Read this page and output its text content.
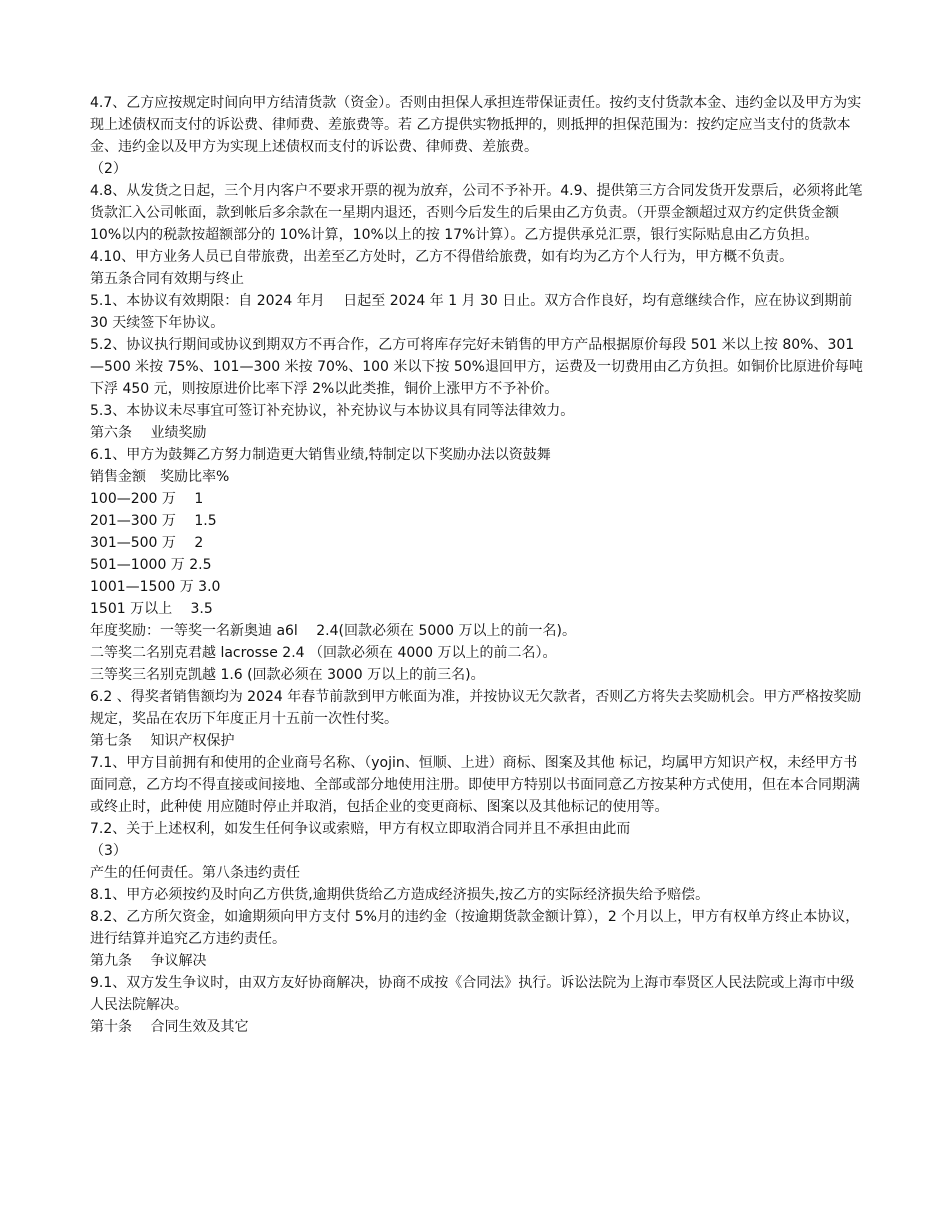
4.7、乙方应按规定时间向甲方结清货款（资金）。否则由担保人承担连带保证责任。按约支付货款本金、违约金以及甲方为实现上述债权而支付的诉讼费、律师费、差旅费等。若 乙方提供实物抵押的，则抵押的担保范围为：按约定应当支付的货款本金、违约金以及甲方为实现上述债权而支付的诉讼费、律师费、差旅费。

（2）

4.8、从发货之日起，三个月内客户不要求开票的视为放弃，公司不予补开。4.9、提供第三方合同发货开发票后，必须将此笔货款汇入公司帐面，款到帐后多余款在一星期内退还，否则今后发生的后果由乙方负责。（开票金额超过双方约定供货金额 10%以内的税款按超额部分的 10%计算，10%以上的按 17%计算）。乙方提供承兑汇票，银行实际贴息由乙方负担。

4.10、甲方业务人员已自带旅费，出差至乙方处时，乙方不得借给旅费，如有均为乙方个人行为，甲方概不负责。

第五条合同有效期与终止

5.1、本协议有效期限：自 2024 年月　 日起至 2024 年 1 月 30 日止。双方合作良好，均有意继续合作，应在协议到期前 30 天续签下年协议。

5.2、协议执行期间或协议到期双方不再合作，乙方可将库存完好未销售的甲方产品根据原价每段 501 米以上按 80%、301—500 米按 75%、101—300 米按 70%、100 米以下按 50%退回甲方，运费及一切费用由乙方负担。如铜价比原进价每吨下浮 450 元，则按原进价比率下浮 2%以此类推，铜价上涨甲方不予补价。

5.3、本协议未尽事宜可签订补充协议，补充协议与本协议具有同等法律效力。

第六条　 业绩奖励

6.1、甲方为鼓舞乙方努力制造更大销售业绩,特制定以下奖励办法以资鼓舞

销售金额　奖励比率%

100—200 万　 1

201—300 万　 1.5

301—500 万　 2

501—1000 万 2.5

1001—1500 万 3.0

1501 万以上　 3.5

年度奖励：一等奖一名新奥迪 a6l　 2.4(回款必须在 5000 万以上的前一名)。

二等奖二名别克君越 lacrosse 2.4 （回款必须在 4000 万以上的前二名）。

三等奖三名别克凯越 1.6 (回款必须在 3000 万以上的前三名)。

6.2 、得奖者销售额均为 2024 年春节前款到甲方帐面为准，并按协议无欠款者，否则乙方将失去奖励机会。甲方严格按奖励规定，奖品在农历下年度正月十五前一次性付奖。

第七条　 知识产权保护

7.1、甲方目前拥有和使用的企业商号名称、（yojin、恒顺、上进）商标、图案及其他 标记，均属甲方知识产权，未经甲方书面同意，乙方均不得直接或间接地、全部或部分地使用注册。即使甲方特别以书面同意乙方按某种方式使用，但在本合同期满或终止时，此种使 用应随时停止并取消，包括企业的变更商标、图案以及其他标记的使用等。

7.2、关于上述权利，如发生任何争议或索赔，甲方有权立即取消合同并且不承担由此而

（3）

产生的任何责任。第八条违约责任

8.1、甲方必须按约及时向乙方供货,逾期供货给乙方造成经济损失,按乙方的实际经济损失给予赔偿。

8.2、乙方所欠资金，如逾期须向甲方支付 5%月的违约金（按逾期货款金额计算），2 个月以上，甲方有权单方终止本协议，进行结算并追究乙方违约责任。

第九条　 争议解决

9.1、双方发生争议时，由双方友好协商解决，协商不成按《合同法》执行。诉讼法院为上海市奉贤区人民法院或上海市中级人民法院解决。

第十条　 合同生效及其它
